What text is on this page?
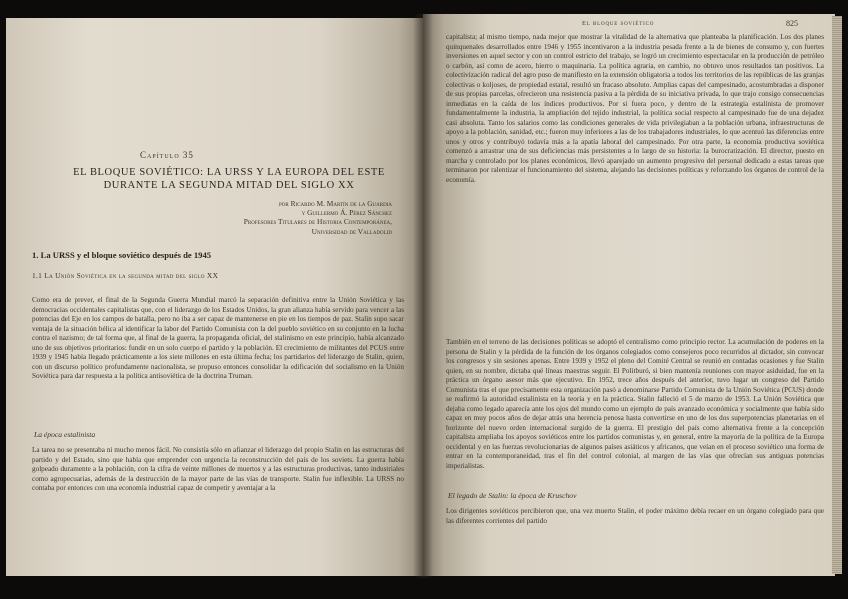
Capítulo 35
EL BLOQUE SOVIÉTICO: LA URSS Y LA EUROPA DEL ESTE DURANTE LA SEGUNDA MITAD DEL SIGLO XX
por Ricardo M. Martín de la Guardia
y Guillermo Á. Pérez Sánchez
Profesores Titulares de Historia Contemporánea,
Universidad de Valladolid
1. La URSS y el bloque soviético después de 1945
1.1 La Unión Soviética en la segunda mitad del siglo XX

Como era de prever, el final de la Segunda Guerra Mundial marcó la separación definitiva entre la Unión Soviética y las democracias occidentales capitalistas que, con el liderazgo de los Estados Unidos, la gran alianza había servido para vencer a las potencias del Eje en los campos de batalla, pero no iba a ser capaz de mantenerse en pie en los tiempos de paz. Stalin supo sacar ventaja de la situación bélica al identificar la labor del Partido Comunista con la del pueblo soviético en su conjunto en la lucha contra el nazismo; de tal forma que, al final de la guerra, la propaganda oficial, del stalinismo en este principio, había alcanzado uno de sus objetivos prioritarios: fundir en un solo cuerpo el partido y la población. El crecimiento de militantes del PCUS entre 1939 y 1945 había llegado prácticamente a los siete millones en esta última fecha; los partidarios del liderazgo de Stalin, quien, con un discurso político profundamente nacionalista, se propuso entonces consolidar la edificación del socialismo en la Unión Soviética para dar respuesta a la política antisoviética de la doctrina Truman.

La época estalinista

La tarea no se presentaba ni mucho menos fácil. No consistía sólo en afianzar el liderazgo del propio Stalin en las estructuras del partido y del Estado, sino que había que emprender con urgencia la reconstrucción del país de los soviets. La guerra había golpeado duramente a la población, con la cifra de veinte millones de muertos y a las estructuras productivas, tanto industriales como agropecuarias, además de la destrucción de la mayor parte de las vías de transporte. Stalin fue inflexible. La URSS no contaba por entonces con una economía industrial capaz de competir y aventajar a la

El bloque soviético	825

capitalista; al mismo tiempo, nada mejor que mostrar la vitalidad de la alternativa que planteaba la planificación. Los dos planes quinquenales desarrollados entre 1946 y 1955 incentivaron a la industria pesada frente a la de bienes de consumo y, con fuertes inversiones en aquel sector y con un control estricto del trabajo, se logró un crecimiento espectacular en la producción de petróleo o carbón, así como de acero, hierro o maquinaria. La política agraria, en cambio, no obtuvo unos resultados tan positivos. La colectivización radical del agro puso de manifiesto en la extensión obligatoria a todos los territorios de las repúblicas de las granjas colectivas o koljoses, de propiedad estatal, resultó un fracaso absoluto. Amplias capas del campesinado, acostumbradas a disponer de sus propias parcelas, ofrecieron una resistencia pasiva a la pérdida de su iniciativa privada, lo que trajo consigo consecuencias inmediatas en la caída de los índices productivos. Por si fuera poco, y dentro de la estrategia estalinista de promover fundamentalmente la industria, la ampliación del tejido industrial, la política social respecto al campesinado fue de una dejadez casi absoluta. Tanto los salarios como las condiciones generales de vida privilegiaban a la población urbana, infraestructuras de apoyo a la población, sanidad, etc.; fueron muy inferiores a las de los trabajadores industriales, lo que acentuó las diferencias entre unos y otros y contribuyó todavía más a la apatía laboral del campesinado. Por otra parte, la economía productiva soviética comenzó a arrastrar una de sus deficiencias más persistentes a lo largo de su historia: la burocratización. El director, puesto en marcha y controlado por los planes económicos, llevó aparejado un aumento progresivo del personal dedicado a estas tareas que terminaron por ralentizar el funcionamiento del sistema, alejando las decisiones políticas y reforzando los órganos de control de la economía.

También en el terreno de las decisiones políticas se adoptó el centralismo como principio rector. La acumulación de poderes en la persona de Stalin y la pérdida de la función de los órganos colegiados como consejeros poco recurridos al dictador, sin convocar los congresos y sin sesiones apenas. Entre 1939 y 1952 el pleno del Comité Central se reunió en contadas ocasiones y fue Stalin quien, en su nombre, dictaba qué líneas maestras seguir. El Politburó, si bien mantenía reuniones con mayor asiduidad, fue en la práctica un órgano asesor más que ejecutivo. En 1952, trece años después del anterior, tuvo lugar un congreso del Partido Comunista tras el que precisamente esta organización pasó a denominarse Partido Comunista de la Unión Soviética (PCUS) donde se reafirmó la autoridad estalinista en la teoría y en la práctica. Stalin falleció el 5 de marzo de 1953. La Unión Soviética que dejaba como legado aparecía ante los ojos del mundo como un ejemplo de país avanzado económica y socialmente que había sido capaz en muy pocos años de dejar atrás una herencia penosa hasta convertirse en uno de los dos superpotencias planetarias en el horizonte del nuevo orden internacional surgido de la guerra. El prestigio del país como alternativa frente a la concepción capitalista ampliaba los apoyos soviéticos entre los partidos comunistas y, en general, entre la mayoría de la política de la Europa occidental y en las fuerzas revolucionarias de algunos países asiáticos y africanos, que veían en el proceso soviético una forma de entrar en la contemporaneidad, tras el fin del control colonial, al margen de las vías que ofrecían sus antiguas potencias imperialistas.

El legado de Stalin: la época de Kruschov

Los dirigentes soviéticos percibieron que, una vez muerto Stalin, el poder máximo debía recaer en un órgano colegiado para que las diferentes corrientes del partido
